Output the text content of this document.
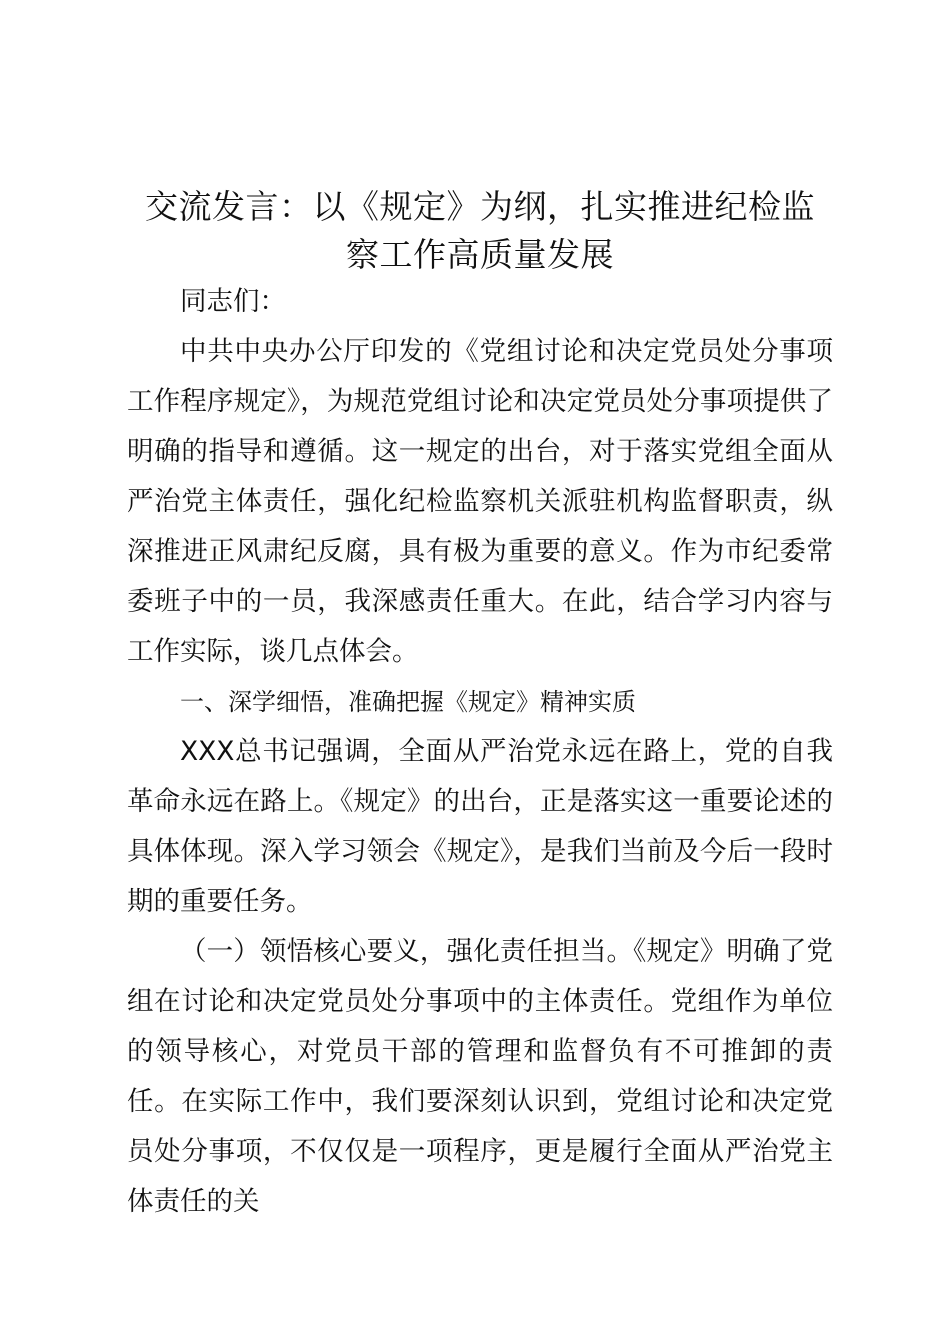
交流发言：以《规定》为纲，扎实推进纪检监
察工作高质量发展

同志们：

中共中央办公厅印发的《党组讨论和决定党员处分事项工作程序规定》，为规范党组讨论和决定党员处分事项提供了明确的指导和遵循。这一规定的出台，对于落实党组全面从严治党主体责任，强化纪检监察机关派驻机构监督职责，纵深推进正风肃纪反腐，具有极为重要的意义。作为市纪委常委班子中的一员，我深感责任重大。在此，结合学习内容与工作实际，谈几点体会。

一、深学细悟，准确把握《规定》精神实质

XXX总书记强调，全面从严治党永远在路上，党的自我革命永远在路上。《规定》的出台，正是落实这一重要论述的具体体现。深入学习领会《规定》，是我们当前及今后一段时期的重要任务。

（一）领悟核心要义，强化责任担当。《规定》明确了党组在讨论和决定党员处分事项中的主体责任。党组作为单位的领导核心，对党员干部的管理和监督负有不可推卸的责任。在实际工作中，我们要深刻认识到，党组讨论和决定党员处分事项，不仅仅是一项程序，更是履行全面从严治党主体责任的关
